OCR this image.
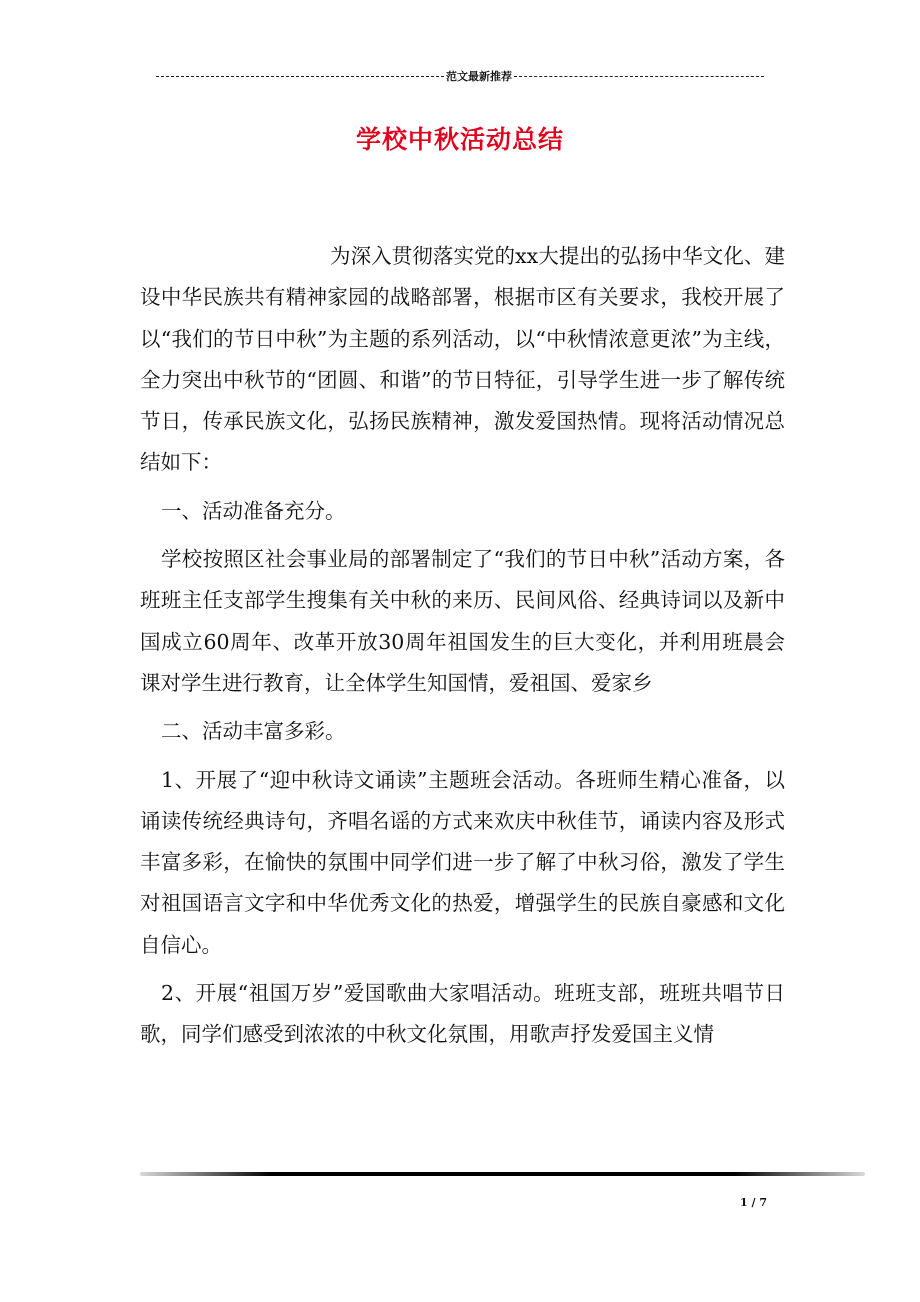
范文最新推荐
学校中秋活动总结

为深入贯彻落实党的xx大提出的弘扬中华文化、建设中华民族共有精神家园的战略部署，根据市区有关要求，我校开展了以“我们的节日中秋”为主题的系列活动，以“中秋情浓意更浓”为主线，全力突出中秋节的“团圆、和谐”的节日特征，引导学生进一步了解传统节日，传承民族文化，弘扬民族精神，激发爱国热情。现将活动情况总结如下：

一、活动准备充分。

学校按照区社会事业局的部署制定了“我们的节日中秋”活动方案，各班班主任支部学生搜集有关中秋的来历、民间风俗、经典诗词以及新中国成立60周年、改革开放30周年祖国发生的巨大变化，并利用班晨会课对学生进行教育，让全体学生知国情，爱祖国、爱家乡

二、活动丰富多彩。

1、开展了“迎中秋诗文诵读”主题班会活动。各班师生精心准备，以诵读传统经典诗句，齐唱名谣的方式来欢庆中秋佳节，诵读内容及形式丰富多彩，在愉快的氛围中同学们进一步了解了中秋习俗，激发了学生对祖国语言文字和中华优秀文化的热爱，增强学生的民族自豪感和文化自信心。

2、开展“祖国万岁”爱国歌曲大家唱活动。班班支部，班班共唱节日歌，同学们感受到浓浓的中秋文化氛围，用歌声抒发爱国主义情

1 / 7
